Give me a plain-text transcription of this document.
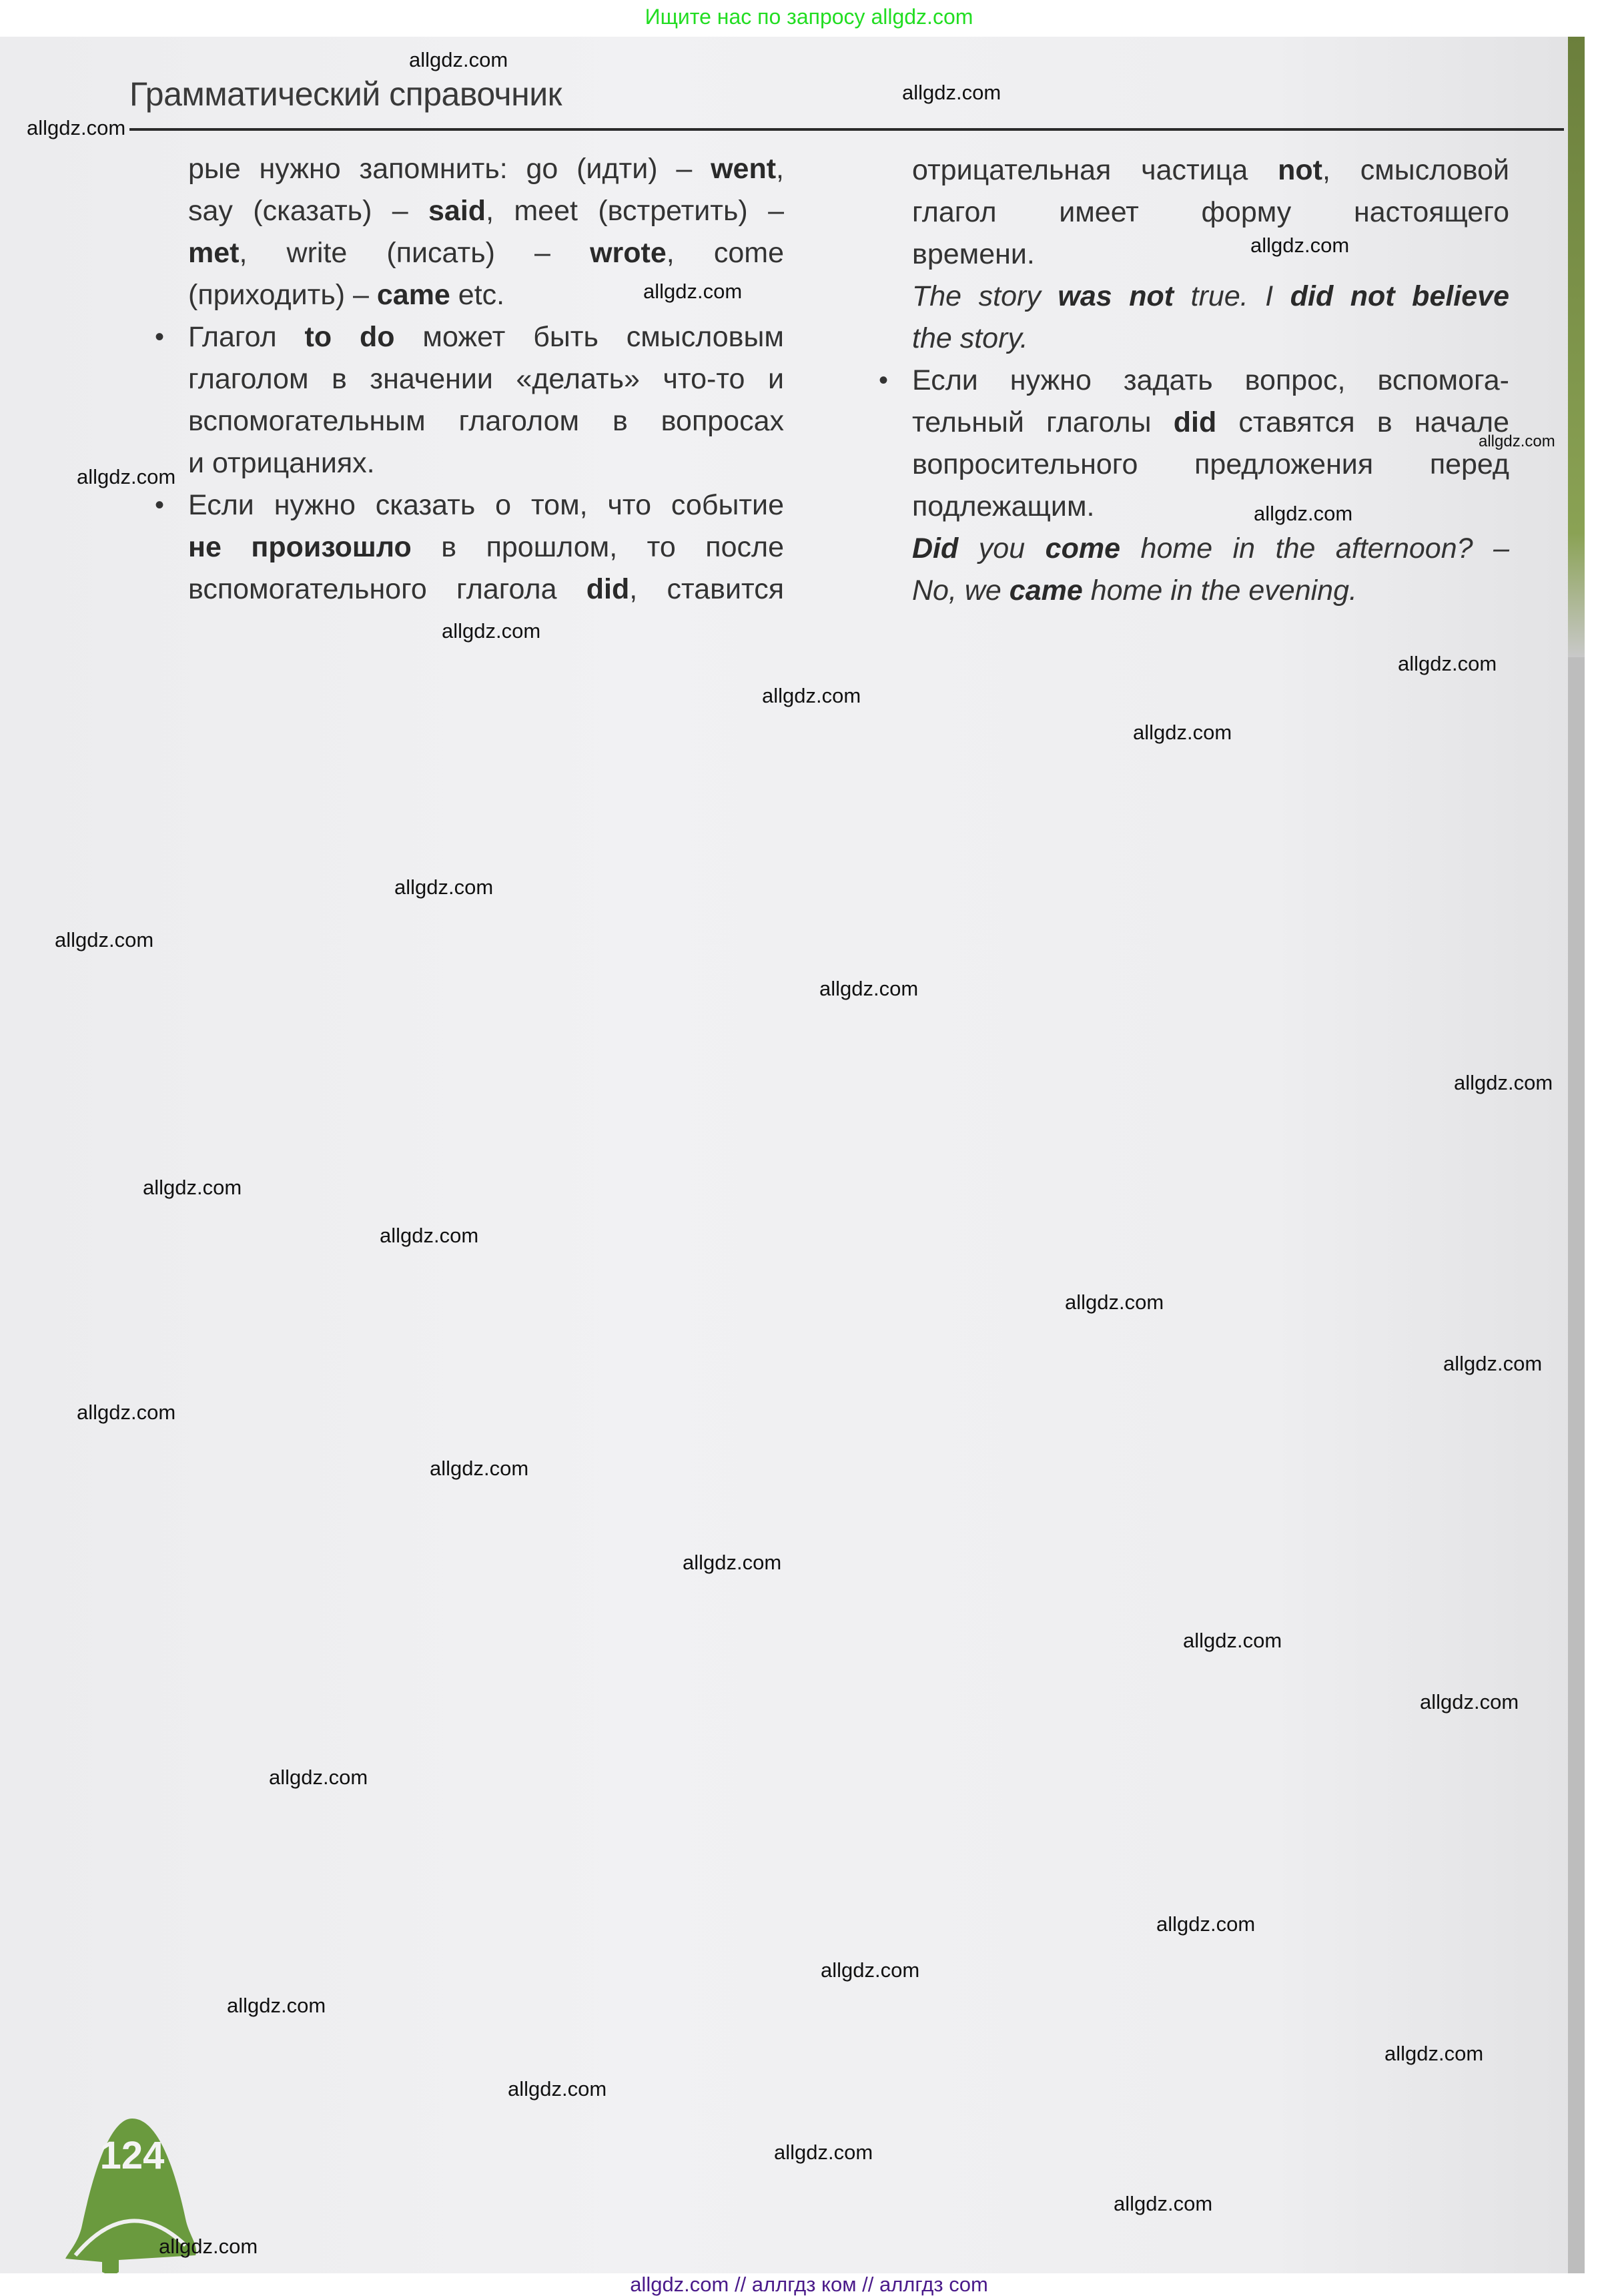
Ищите нас по запросу allgdz.com
Грамматический справочник
рые нужно запомнить: go (идти) – went,
say (сказать) – said, meet (встретить) –
met, write (писать) – wrote, come
(приходить) – came etc.
• Глагол to do может быть смысловым
глаголом в значении «делать» что-то и
вспомогательным глаголом в вопросах
и отрицаниях.
• Если нужно сказать о том, что событие
не произошло в прошлом, то после
вспомогательного глагола did, ставится
отрицательная частица not, смысловой
глагол имеет форму настоящего
времени.
The story was not true. I did not believe
the story.
• Если нужно задать вопрос, вспомога-
тельный глаголы did ставятся в начале
вопросительного предложения перед
подлежащим.
Did you come home in the afternoon? –
No, we came home in the evening.
124
allgdz.com
allgdz.com
allgdz.com
allgdz.com
allgdz.com
allgdz.com
allgdz.com
allgdz.com
allgdz.com
allgdz.com
allgdz.com
allgdz.com
allgdz.com
allgdz.com
allgdz.com
allgdz.com
allgdz.com
allgdz.com
allgdz.com
allgdz.com
allgdz.com
allgdz.com
allgdz.com
allgdz.com
allgdz.com
allgdz.com
allgdz.com
allgdz.com
allgdz.com
allgdz.com
allgdz.com
allgdz.com
allgdz.com
allgdz.com
allgdz.com // аллгдз ком // аллгдз com
